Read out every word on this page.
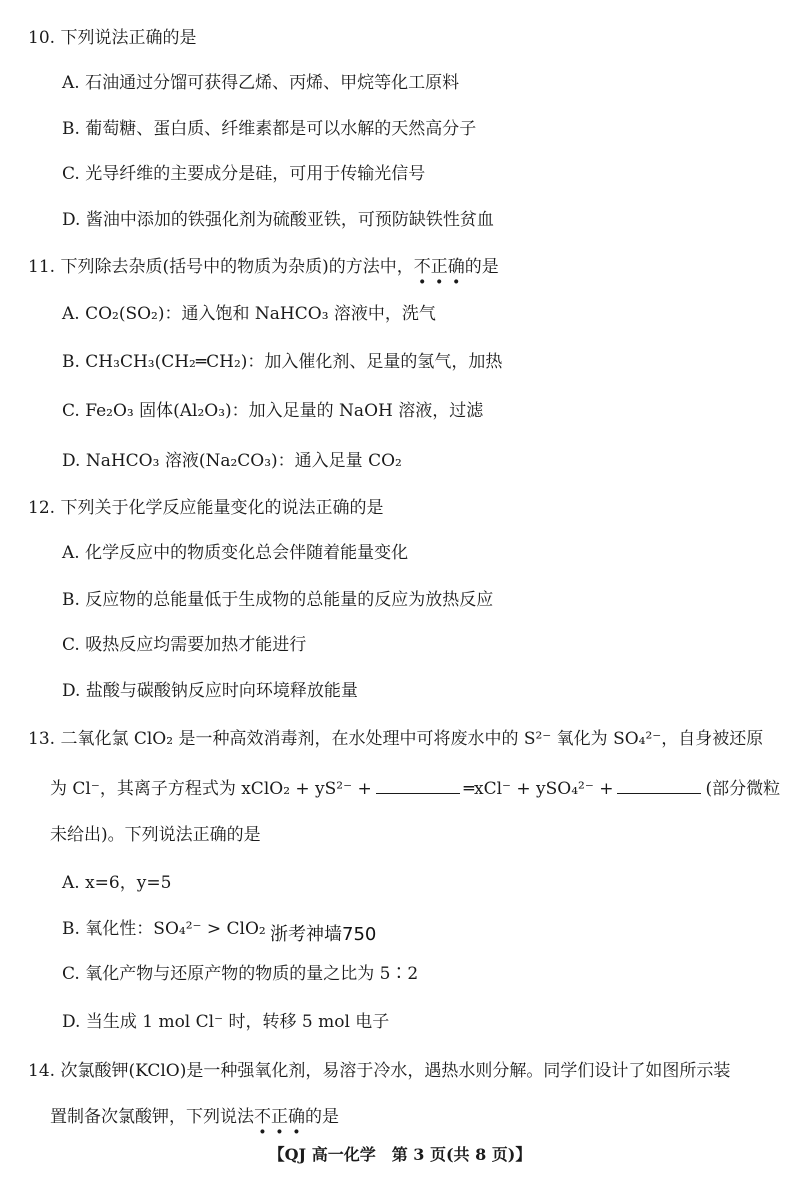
10. 下列说法正确的是
A. 石油通过分馏可获得乙烯、丙烯、甲烷等化工原料
B. 葡萄糖、蛋白质、纤维素都是可以水解的天然高分子
C. 光导纤维的主要成分是硅，可用于传输光信号
D. 酱油中添加的铁强化剂为硫酸亚铁，可预防缺铁性贫血
11. 下列除去杂质(括号中的物质为杂质)的方法中，不正确的是
A. CO₂(SO₂)：通入饱和 NaHCO₃ 溶液中，洗气
B. CH₃CH₃(CH₂═CH₂)：加入催化剂、足量的氢气，加热
C. Fe₂O₃ 固体(Al₂O₃)：加入足量的 NaOH 溶液，过滤
D. NaHCO₃ 溶液(Na₂CO₃)：通入足量 CO₂
12. 下列关于化学反应能量变化的说法正确的是
A. 化学反应中的物质变化总会伴随着能量变化
B. 反应物的总能量低于生成物的总能量的反应为放热反应
C. 吸热反应均需要加热才能进行
D. 盐酸与碳酸钠反应时向环境释放能量
13. 二氧化氯 ClO₂ 是一种高效消毒剂，在水处理中可将废水中的 S²⁻ 氧化为 SO₄²⁻，自身被还原
为 Cl⁻，其离子方程式为 xClO₂ + yS²⁻ +	═xCl⁻ + ySO₄²⁻ +	(部分微粒
未给出)。下列说法正确的是
A. x=6，y=5
B. 氧化性：SO₄²⁻ > ClO₂ 浙考神墙750
C. 氧化产物与还原产物的物质的量之比为 5∶2
D. 当生成 1 mol Cl⁻ 时，转移 5 mol 电子
14. 次氯酸钾(KClO)是一种强氧化剂，易溶于冷水，遇热水则分解。同学们设计了如图所示装
置制备次氯酸钾，下列说法不正确的是
【QJ 高一化学　第 3 页(共 8 页)】
